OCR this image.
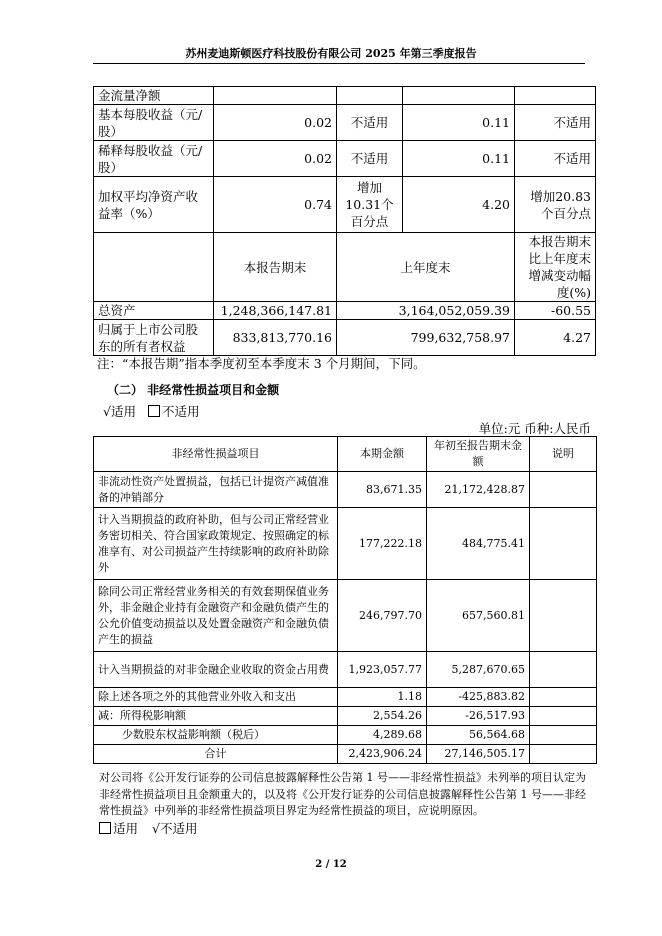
苏州麦迪斯顿医疗科技股份有限公司 2025 年第三季度报告
金流量净额				
基本每股收益（元/股）	0.02	不适用	0.11	不适用
稀释每股收益（元/股）	0.02	不适用	0.11	不适用
加权平均净资产收益率（%）	0.74	增加10.31个百分点	4.20	增加20.83个百分点
	本报告期末	上年度末		本报告期末比上年度末增减变动幅度(%)
总资产	1,248,366,147.81	3,164,052,059.39		-60.55
归属于上市公司股东的所有者权益	833,813,770.16	799,632,758.97		4.27
注：“本报告期”指本季度初至本季度末 3 个月期间，下同。
（二） 非经常性损益项目和金额
√适用 不适用
单位:元 币种:人民币
非经常性损益项目	本期金额	年初至报告期末金额	说明
非流动性资产处置损益，包括已计提资产减值准备的冲销部分	83,671.35	21,172,428.87	
计入当期损益的政府补助，但与公司正常经营业务密切相关、符合国家政策规定、按照确定的标准享有、对公司损益产生持续影响的政府补助除外	177,222.18	484,775.41	
除同公司正常经营业务相关的有效套期保值业务外，非金融企业持有金融资产和金融负债产生的公允价值变动损益以及处置金融资产和金融负债产生的损益	246,797.70	657,560.81	
计入当期损益的对非金融企业收取的资金占用费	1,923,057.77	5,287,670.65	
除上述各项之外的其他营业外收入和支出	1.18	-425,883.82	
减：所得税影响额	2,554.26	-26,517.93	
少数股东权益影响额（税后）	4,289.68	56,564.68	
合计	2,423,906.24	27,146,505.17	
对公司将《公开发行证券的公司信息披露解释性公告第 1 号——非经常性损益》未列举的项目认定为非经常性损益项目且金额重大的，以及将《公开发行证券的公司信息披露解释性公告第 1 号——非经常性损益》中列举的非经常性损益项目界定为经常性损益的项目，应说明原因。
适用 √不适用
2 / 12
